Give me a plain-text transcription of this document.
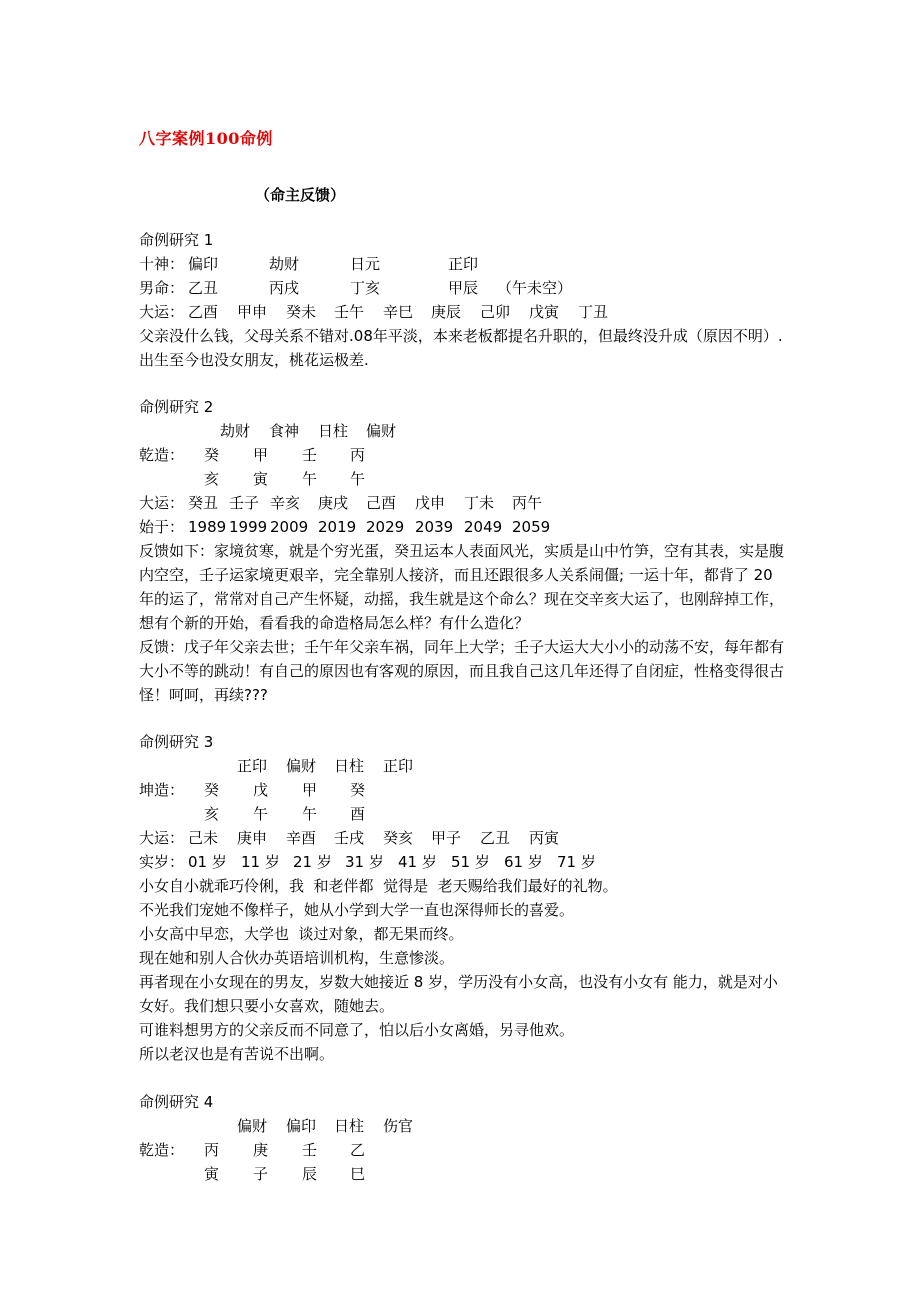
八字案例100命例
（命主反馈）
命例研究 1
十神： 偏印	劫财	日元	正印
男命： 乙丑	丙戌	丁亥	甲辰 （午未空）
大运： 乙酉 甲申 癸未 壬午 辛巳 庚辰 己卯 戊寅 丁丑
父亲没什么钱，父母关系不错对.08年平淡，本来老板都提名升职的，但最终没升成（原因不明）.出生至今也没女朋友，桃花运极差.
命例研究 2
劫财 食神 日柱 偏财
乾造： 癸 甲 壬 丙
亥 寅 午 午
大运： 癸丑 壬子 辛亥 庚戌 己酉 戊申 丁未 丙午
始于： 1989 1999 2009 2019 2029 2039 2049 2059
反馈如下：家境贫寒，就是个穷光蛋，癸丑运本人表面风光，实质是山中竹笋，空有其表，实是腹内空空，壬子运家境更艰辛，完全靠别人接济，而且还跟很多人关系闹僵; 一运十年，都背了 20 年的运了，常常对自己产生怀疑，动摇，我生就是这个命么？现在交辛亥大运了，也刚辞掉工作，想有个新的开始，看看我的命造格局怎么样？有什么造化？
反馈：戊子年父亲去世；壬午年父亲车祸，同年上大学；壬子大运大大小小的动荡不安，每年都有大小不等的跳动！有自己的原因也有客观的原因，而且我自己这几年还得了自闭症，性格变得很古怪！呵呵，再续???
命例研究 3
正印 偏财 日柱 正印
坤造： 癸 戊 甲 癸
亥 午 午 酉
大运： 己未 庚申 辛酉 壬戌 癸亥 甲子 乙丑 丙寅
实岁： 01 岁 11 岁 21 岁 31 岁 41 岁 51 岁 61 岁 71 岁
小女自小就乖巧伶俐，我  和老伴都  觉得是  老天赐给我们最好的礼物。
不光我们宠她不像样子，她从小学到大学一直也深得师长的喜爱。
小女高中早恋，大学也  谈过对象，都无果而终。
现在她和别人合伙办英语培训机构，生意惨淡。
再者现在小女现在的男友，岁数大她接近 8 岁，学历没有小女高，也没有小女有 能力，就是对小女好。我们想只要小女喜欢，随她去。
可谁料想男方的父亲反而不同意了，怕以后小女离婚，另寻他欢。
所以老汉也是有苦说不出啊。
命例研究 4
偏财 偏印 日柱 伤官
乾造： 丙 庚 壬 乙
寅 子 辰 巳
